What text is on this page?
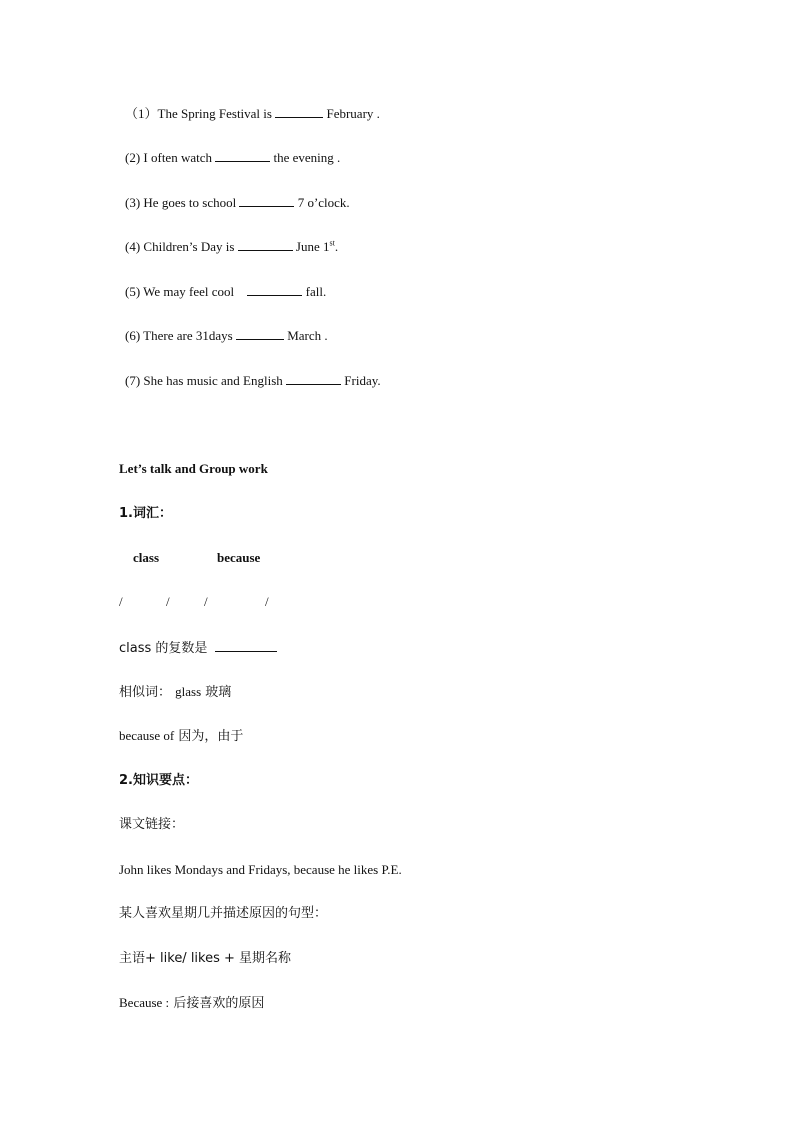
（1）The Spring Festival is	February .
(2) I often watch	the evening .
(3) He goes to school	7 o’clock.
(4) Children’s Day is	June 1st.
(5) We may feel cool	fall.
(6) There are 31days	March .
(7) She has music and English	Friday.
Let’s talk and Group work
1.词汇：
class	because
/	/	/	/
class 的复数是
相似词： glass 玻璃
because of 因为，由于
2.知识要点：
课文链接：
John likes Mondays and Fridays, because he likes P.E.
某人喜欢星期几并描述原因的句型：
主语+ like/ likes + 星期名称
Because : 后接喜欢的原因
